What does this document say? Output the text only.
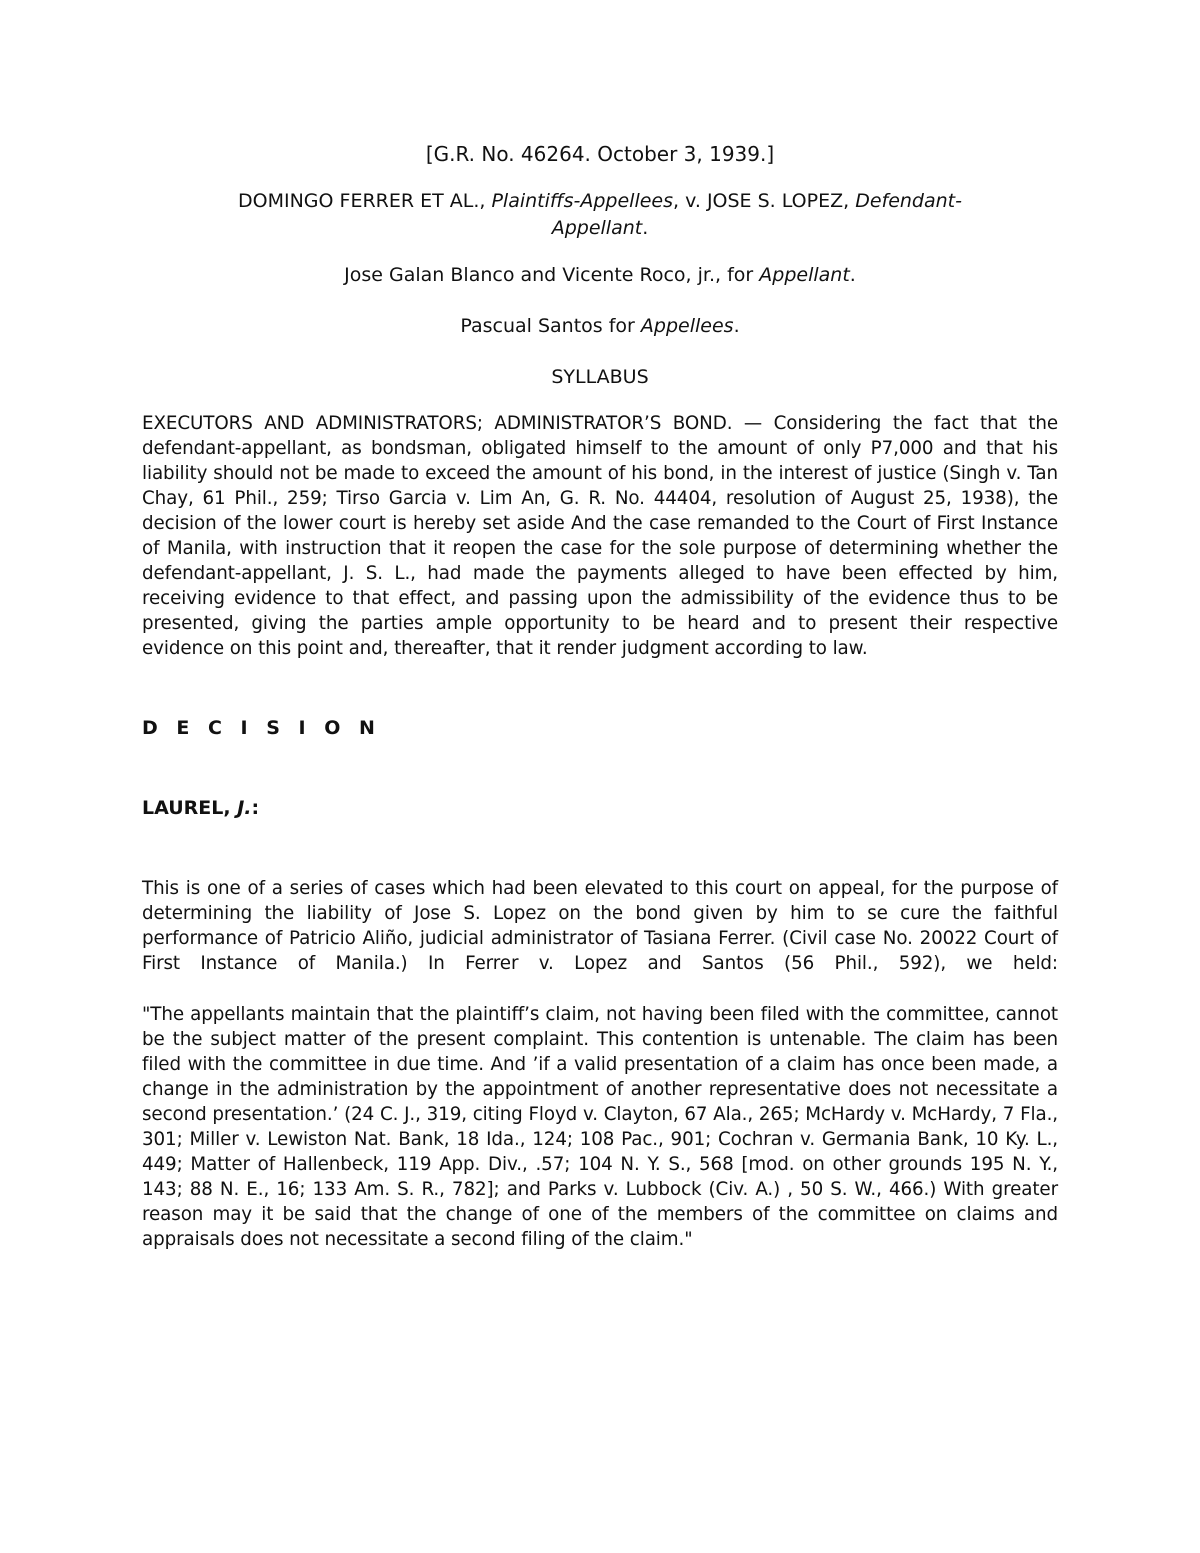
[G.R. No. 46264. October 3, 1939.]

DOMINGO FERRER ET AL., Plaintiffs-Appellees, v. JOSE S. LOPEZ, Defendant-
Appellant.

Jose Galan Blanco and Vicente Roco, jr., for Appellant.

Pascual Santos for Appellees.

SYLLABUS

EXECUTORS AND ADMINISTRATORS; ADMINISTRATOR’S BOND. — Considering the fact that the defendant-appellant, as bondsman, obligated himself to the amount of only P7,000 and that his liability should not be made to exceed the amount of his bond, in the interest of justice (Singh v. Tan Chay, 61 Phil., 259; Tirso Garcia v. Lim An, G. R. No. 44404, resolution of August 25, 1938), the decision of the lower court is hereby set aside And the case remanded to the Court of First Instance of Manila, with instruction that it reopen the case for the sole purpose of determining whether the defendant-appellant, J. S. L., had made the payments alleged to have been effected by him, receiving evidence to that effect, and passing upon the admissibility of the evidence thus to be presented, giving the parties ample opportunity to be heard and to present their respective evidence on this point and, thereafter, that it render judgment according to law.

D E C I S I O N

LAUREL, J.:

This is one of a series of cases which had been elevated to this court on appeal, for the purpose of determining the liability of Jose S. Lopez on the bond given by him to se cure the faithful performance of Patricio Aliño, judicial administrator of Tasiana Ferrer. (Civil case No. 20022 Court of First Instance of Manila.) In Ferrer v. Lopez and Santos (56 Phil., 592), we held:

"The appellants maintain that the plaintiff’s claim, not having been filed with the committee, cannot be the subject matter of the present complaint. This contention is untenable. The claim has been filed with the committee in due time. And ’if a valid presentation of a claim has once been made, a change in the administration by the appointment of another representative does not necessitate a second presentation.’ (24 C. J., 319, citing Floyd v. Clayton, 67 Ala., 265; McHardy v. McHardy, 7 Fla., 301; Miller v. Lewiston Nat. Bank, 18 Ida., 124; 108 Pac., 901; Cochran v. Germania Bank, 10 Ky. L., 449; Matter of Hallenbeck, 119 App. Div., .57; 104 N. Y. S., 568 [mod. on other grounds 195 N. Y., 143; 88 N. E., 16; 133 Am. S. R., 782]; and Parks v. Lubbock (Civ. A.) , 50 S. W., 466.) With greater reason may it be said that the change of one of the members of the committee on claims and appraisals does not necessitate a second filing of the claim."
